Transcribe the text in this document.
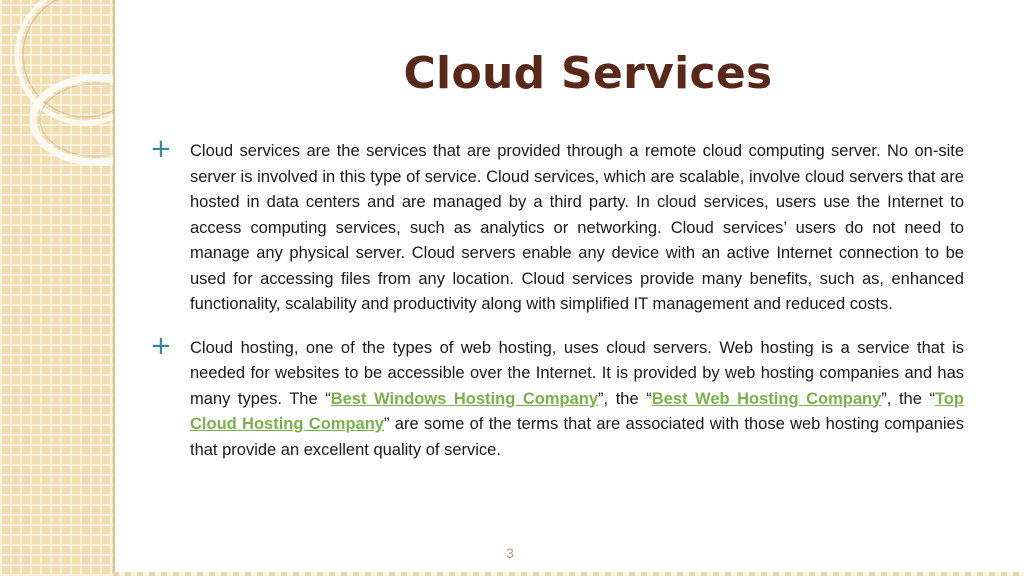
Cloud Services
+ Cloud services are the services that are provided through a remote cloud computing server. No on-site server is involved in this type of service. Cloud services, which are scalable, involve cloud servers that are hosted in data centers and are managed by a third party. In cloud services, users use the Internet to access computing services, such as analytics or networking. Cloud services’ users do not need to manage any physical server. Cloud servers enable any device with an active Internet connection to be used for accessing files from any location. Cloud services provide many benefits, such as, enhanced functionality, scalability and productivity along with simplified IT management and reduced costs.

+ Cloud hosting, one of the types of web hosting, uses cloud servers. Web hosting is a service that is needed for websites to be accessible over the Internet. It is provided by web hosting companies and has many types. The “Best Windows Hosting Company”, the “Best Web Hosting Company”, the “Top Cloud Hosting Company” are some of the terms that are associated with those web hosting companies that provide an excellent quality of service.

3
